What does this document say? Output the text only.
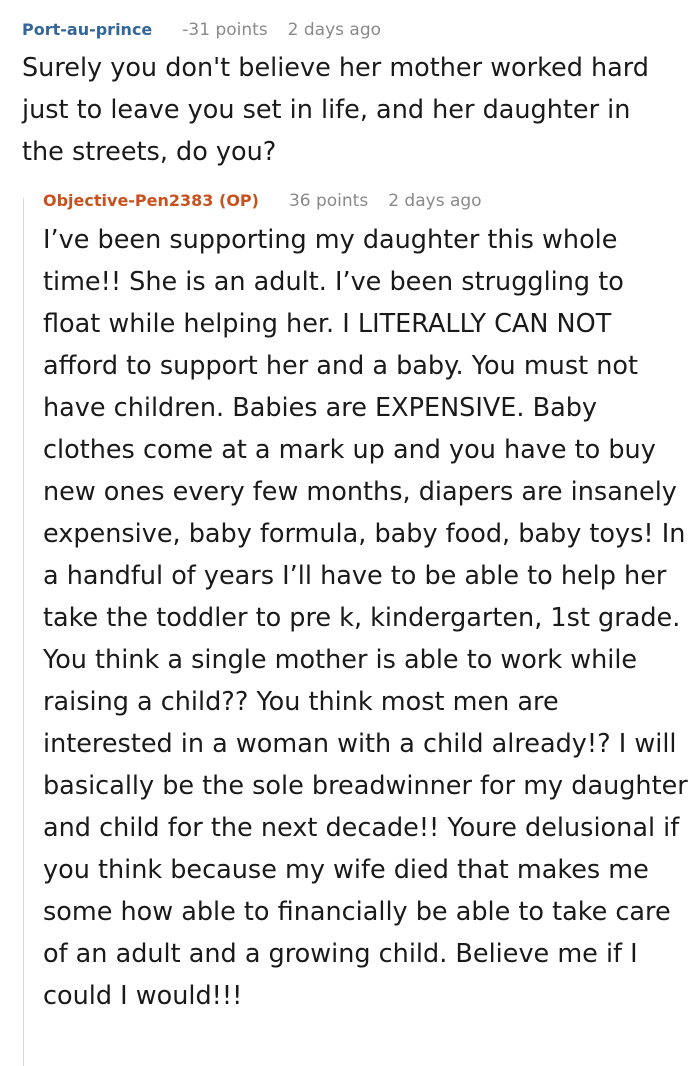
Port-au-prince -31 points 2 days ago

Surely you don't believe her mother worked hard just to leave you set in life, and her daughter in the streets, do you?

Objective-Pen2383 (OP) 36 points 2 days ago

I’ve been supporting my daughter this whole time!! She is an adult. I’ve been struggling to float while helping her. I LITERALLY CAN NOT afford to support her and a baby. You must not have children. Babies are EXPENSIVE. Baby clothes come at a mark up and you have to buy new ones every few months, diapers are insanely expensive, baby formula, baby food, baby toys! In a handful of years I’ll have to be able to help her take the toddler to pre k, kindergarten, 1st grade. You think a single mother is able to work while raising a child?? You think most men are interested in a woman with a child already!? I will basically be the sole breadwinner for my daughter and child for the next decade!! Youre delusional if you think because my wife died that makes me some how able to financially be able to take care of an adult and a growing child. Believe me if I could I would!!!
